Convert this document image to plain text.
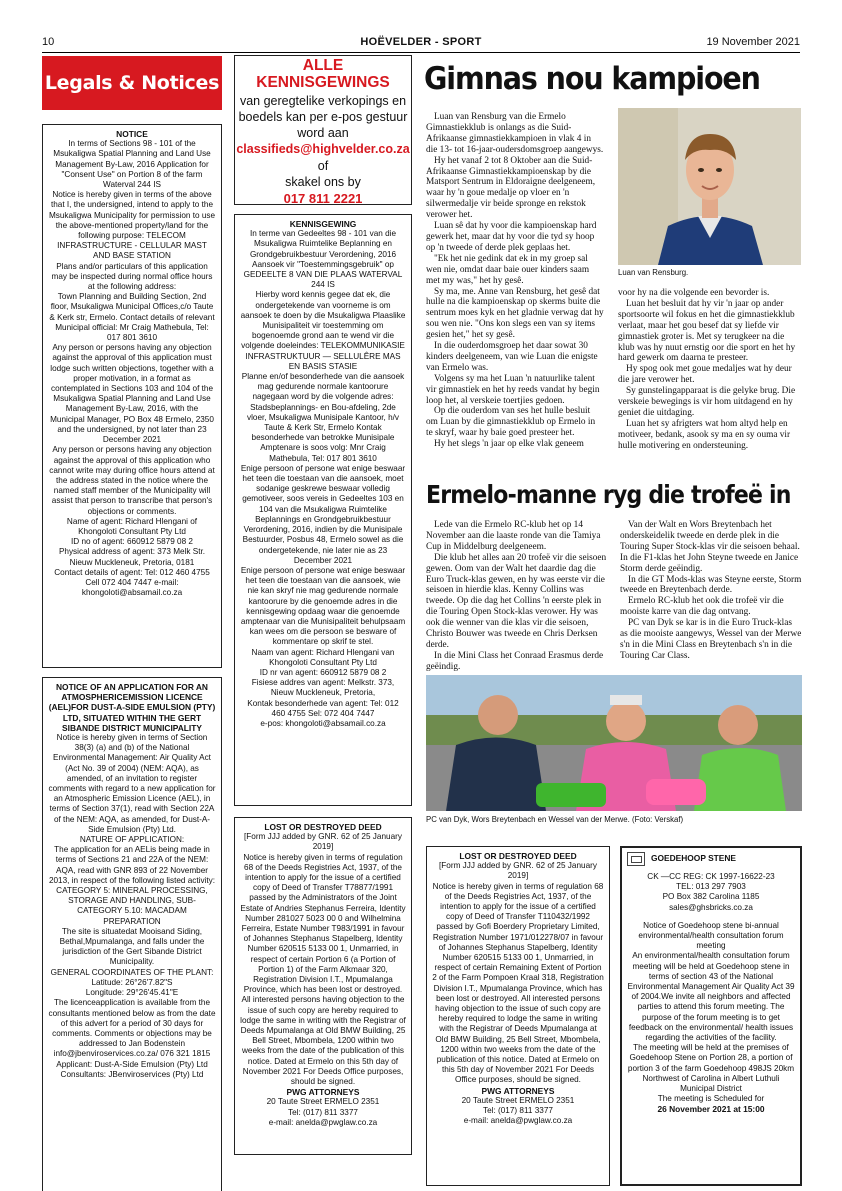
10	HOËVELDER - SPORT	19 November 2021
Legals & Notices
ALLE
KENNISGEWINGS
van geregtelike verkopings en boedels kan per e-pos gestuur word aan
classifieds@highvelder.co.za
of
skakel ons by
017 811 2221
NOTICE

In terms of Sections 98 - 101 of the Msukaligwa Spatial Planning and Land Use Management By-Law, 2016 Application for "Consent Use" on Portion 8 of the farm Waterval 244 IS
Notice is hereby given in terms of the above that I, the undersigned, intend to apply to the Msukaligwa Municipality for permission to use the above-mentioned property/land for the following purpose: TELECOM INFRASTRUCTURE - CELLULAR MAST AND BASE STATION
Plans and/or particulars of this application may be inspected during normal office hours at the following address:
Town Planning and Building Section, 2nd floor, Msukaligwa Municipal Offices,c/o Taute & Kerk str, Ermelo. Contact details of relevant Municipal official: Mr Craig Mathebula, Tel: 017 801 3610
Any person or persons having any objection against the approval of this application must lodge such written objections, together with a proper motivation, in a format as contemplated in Sections 103 and 104 of the Msukaligwa Spatial Planning and Land Use Management By-Law, 2016, with the Municipal Manager, PO Box 48 Ermelo, 2350 and the undersigned, by not later than 23 December 2021
Any person or persons having any objection against the approval of this application who cannot write may during office hours attend at the address stated in the notice where the named staff member of the Municipality will assist that person to transcribe that person's objections or comments.
Name of agent: Richard Hlengani of Khongoloti Consultant Pty Ltd
ID no of agent: 660912 5879 08 2
Physical address of agent: 373 Melk Str. Nieuw Muckleneuk, Pretoria, 0181
Contact details of agent: Tel: 012 460 4755 Cell 072 404 7447 e-mail: khongoloti@absamail.co.za

NOTICE OF AN APPLICATION FOR AN ATMOSPHERICEMISSION LICENCE (AEL)FOR DUST-A-SIDE EMULSION (PTY) LTD, SITUATED WITHIN THE GERT SIBANDE DISTRICT MUNICIPALITY

Notice is hereby given in terms of Section 38(3) (a) and (b) of the National Environmental Management: Air Quality Act (Act No. 39 of 2004) (NEM: AQA), as amended, of an invitation to register comments with regard to a new application for an Atmospheric Emission Licence (AEL), in terms of Section 37(1), read with Section 22A of the NEM: AQA, as amended, for Dust-A-Side Emulsion (Pty) Ltd.
NATURE OF APPLICATION:
The application for an AELis being made in terms of Sections 21 and 22A of the NEM: AQA, read with GNR 893 of 22 November 2013, in respect of the following listed activity:
CATEGORY 5: MINERAL PROCESSING, STORAGE AND HANDLING, SUB-CATEGORY 5.10: MACADAM PREPARATION
The site is situatedat Mooisand Siding, Bethal,Mpumalanga, and falls under the jurisdiction of the Gert Sibande District Municipality.
GENERAL COORDINATES OF THE PLANT:
Latitude: 26°26'7.82"S
Longitude: 29°26'45.41"E
The licenceapplication is available from the consultants mentioned below as from the date of this advert for a period of 30 days for comments. Comments or objections may be addressed to Jan Bodenstein info@jbenviroservices.co.za/ 076 321 1815
Applicant: Dust-A-Side Emulsion (Pty) Ltd
Consultants: JBenviroservices (Pty) Ltd

KENNISGEWING

In terme van Gedeeltes 98 - 101 van die Msukaligwa Ruimtelike Beplanning en Grondgebruikbestuur Verordening, 2016 Aansoek vir "Toestemmingsgebruik" op GEDEELTE 8 VAN DIE PLAAS WATERVAL 244 IS
Hierby word kennis gegee dat ek, die ondergetekende van voorneme is om aansoek te doen by die Msukaligwa Plaaslike Munisipaliteit vir toestemming om bogenoemde grond aan te wend vir die volgende doeleindes: TELEKOMMUNIKASIE INFRASTRUKTUUR — SELLULÊRE MAS EN BASIS STASIE
Planne en/of besonderhede van die aansoek mag gedurende normale kantoorure nagegaan word by die volgende adres:
Stadsbeplannings- en Bou-afdeling, 2de vloer, Msukaligwa Munisipale Kantoor, h/v Taute & Kerk Str, Ermelo Kontak besonderhede van betrokke Munisipale Amptenare is soos volg: Mnr Craig Mathebula, Tel: 017 801 3610
Enige persoon of persone wat enige beswaar het teen die toestaan van die aansoek, moet sodanige geskrewe beswaar volledig gemotiveer, soos vereis in Gedeeltes 103 en 104 van die Msukaligwa Ruimtelike Beplannings en Grondgebruikbestuur Verordening, 2016, indien by die Munisipale Bestuurder, Posbus 48, Ermelo sowel as die ondergetekende, nie later nie as 23 December 2021
Enige persoon of persone wat enige beswaar het teen die toestaan van die aansoek, wie nie kan skryf nie mag gedurende normale kantoorure by die genoemde adres in die kennisgewing opdaag waar die genoemde amptenaar van die Munisipaliteit behulpsaam kan wees om die persoon se besware of kommentare op skrif te stel.
Naam van agent: Richard Hlengani van Khongoloti Consultant Pty Ltd
ID nr van agent: 660912 5879 08 2
Fisiese addres van agent: Melkstr. 373, Nieuw Muckleneuk, Pretoria,
Kontak besonderhede van agent: Tel: 012 460 4755 Sel: 072 404 7447
e-pos: khongoloti@absamail.co.za

LOST OR DESTROYED DEED

[Form JJJ added by GNR. 62 of 25 January 2019]
Notice is hereby given in terms of regulation 68 of the Deeds Registries Act, 1937, of the intention to apply for the issue of a certified copy of Deed of Transfer T78877/1991 passed by the Administrators of the Joint Estate of Andries Stephanus Ferreira, Identity Number 281027 5023 00 0 and Wilhelmina Ferreira, Estate Number T983/1991 in favour of Johannes Stephanus Stapelberg, Identity Number 620515 5133 00 1, Unmarried, in respect of certain Portion 6 (a Portion of Portion 1) of the Farm Alkmaar 320, Registration Division I.T., Mpumalanga Province, which has been lost or destroyed. All interested persons having objection to the issue of such copy are hereby required to lodge the same in writing with the Registrar of Deeds Mpumalanga at Old BMW Building, 25 Bell Street, Mbombela, 1200 within two weeks from the date of the publication of this notice. Dated at Ermelo on this 5th day of November 2021 For Deeds Office purposes, should be signed.

PWG ATTORNEYS

20 Taute Street ERMELO 2351
Tel: (017) 811 3377
e-mail: anelda@pwglaw.co.za

Gimnas nou kampioen

Luan van Rensburg van die Ermelo Gimnastiekklub is onlangs as die Suid-Afrikaanse gimnastiekkampioen in vlak 4 in die 13- tot 16-jaar-oudersdomsgroep aangewys.

Hy het vanaf 2 tot 8 Oktober aan die Suid-Afrikaanse Gimnastiekkampioenskap by die Matsport Sentrum in Eldoraigne deelgeneem, waar hy 'n goue medalje op vloer en 'n silwermedalje vir beide spronge en rekstok verower het.

Luan sê dat hy voor die kampioenskap hard gewerk het, maar dat hy voor die tyd sy hoop op 'n tweede of derde plek geplaas het.

"Ek het nie gedink dat ek in my groep sal wen nie, omdat daar baie ouer kinders saam met my was," het hy gesê.

Sy ma, me. Anne van Rensburg, het gesê dat hulle na die kampioenskap op skerms buite die sentrum moes kyk en het gladnie verwag dat hy sou wen nie. "Ons kon slegs een van sy items gesien het," het sy gesê.

In die ouderdomsgroep het daar sowat 30 kinders deelgeneem, van wie Luan die enigste van Ermelo was.

Volgens sy ma het Luan 'n natuurlike talent vir gimnastiek en het hy reeds vandat hy begin loop het, al verskeie toertjies gedoen.

Op die ouderdom van ses het hulle besluit om Luan by die gimnastiekklub op Ermelo in te skryf, waar hy baie goed presteer het.

Hy het slegs 'n jaar op elke vlak geneem

Luan van Rensburg.

voor hy na die volgende een bevorder is.

Luan het besluit dat hy vir 'n jaar op ander sportsoorte wil fokus en het die gimnastiekklub verlaat, maar het gou besef dat sy liefde vir gimnastiek groter is. Met sy terugkeer na die klub was hy nuut ernstig oor die sport en het hy hard gewerk om daarna te presteer.

Hy spog ook met goue medaljes wat hy deur die jare verower het.

Sy gunstelingapparaat is die gelyke brug. Die verskeie bewegings is vir hom uitdagend en hy geniet die uitdaging.

Luan het sy afrigters wat hom altyd help en motiveer, bedank, asook sy ma en sy ouma vir hulle motivering en ondersteuning.

Ermelo-manne ryg die trofeë in

Lede van die Ermelo RC-klub het op 14 November aan die laaste ronde van die Tamiya Cup in Middelburg deelgeneem.

Die klub het alles aan 20 trofeë vir die seisoen gewen. Oom van der Walt het daardie dag die Euro Truck-klas gewen, en hy was eerste vir die seisoen in hierdie klas. Kenny Collins was tweede. Op die dag het Collins 'n eerste plek in die Touring Open Stock-klas verower. Hy was ook die wenner van die klas vir die seisoen, Christo Bouwer was tweede en Chris Derksen derde.

In die Mini Class het Conraad Erasmus derde geëindig.

Van der Walt en Wors Breytenbach het onderskeidelik tweede en derde plek in die Touring Super Stock-klas vir die seisoen behaal. In die F1-klas het John Steyne tweede en Janice Storm derde geëindig.

In die GT Mods-klas was Steyne eerste, Storm tweede en Breytenbach derde.

Ermelo RC-klub het ook die trofeë vir die mooiste karre van die dag ontvang.

PC van Dyk se kar is in die Euro Truck-klas as die mooiste aangewys, Wessel van der Merwe s'n in die Mini Class en Breytenbach s'n in die Touring Car Class.

PC van Dyk, Wors Breytenbach en Wessel van der Merwe. (Foto: Verskaf)
LOST OR DESTROYED DEED

[Form JJJ added by GNR. 62 of 25 January 2019]
Notice is hereby given in terms of regulation 68 of the Deeds Registries Act, 1937, of the intention to apply for the issue of a certified copy of Deed of Transfer T110432/1992 passed by Gofi Boerdery Proprietary Limited, Registration Number 1971/012278/07 in favour of Johannes Stephanus Stapelberg, Identity Number 620515 5133 00 1, Unmarried, in respect of certain Remaining Extent of Portion 2 of the Farm Pompoen Kraal 318, Registration Division I.T., Mpumalanga Province, which has been lost or destroyed. All interested persons having objection to the issue of such copy are hereby required to lodge the same in writing with the Registrar of Deeds Mpumalanga at Old BMW Building, 25 Bell Street, Mbombela, 1200 within two weeks from the date of the publication of this notice. Dated at Ermelo on this 5th day of November 2021 For Deeds Office purposes, should be signed.

PWG ATTORNEYS

20 Taute Street ERMELO 2351
Tel: (017) 811 3377
e-mail: anelda@pwglaw.co.za

GOEDEHOOP STENE

CK —CC REG: CK 1997-16622-23
TEL: 013 297 7903
PO Box 382 Carolina 1185
sales@ghsbricks.co.za

Notice of Goedehoop stene bi-annual environmental/health consultation forum meeting
An environmental/health consultation forum meeting will be held at Goedehoop stene in terms of section 43 of the National Environmental Management Air Quality Act 39 of 2004.We invite all neighbors and affected parties to attend this forum meeting. The purpose of the forum meeting is to get feedback on the environmental/ health issues regarding the activities of the facility.
The meeting will be held at the premises of Goedehoop Stene on Portion 28, a portion of portion 3 of the farm Goedehoop 498JS 20km Northwest of Carolina in Albert Luthuli Municipal District
The meeting is Scheduled for

26 November 2021 at 15:00
